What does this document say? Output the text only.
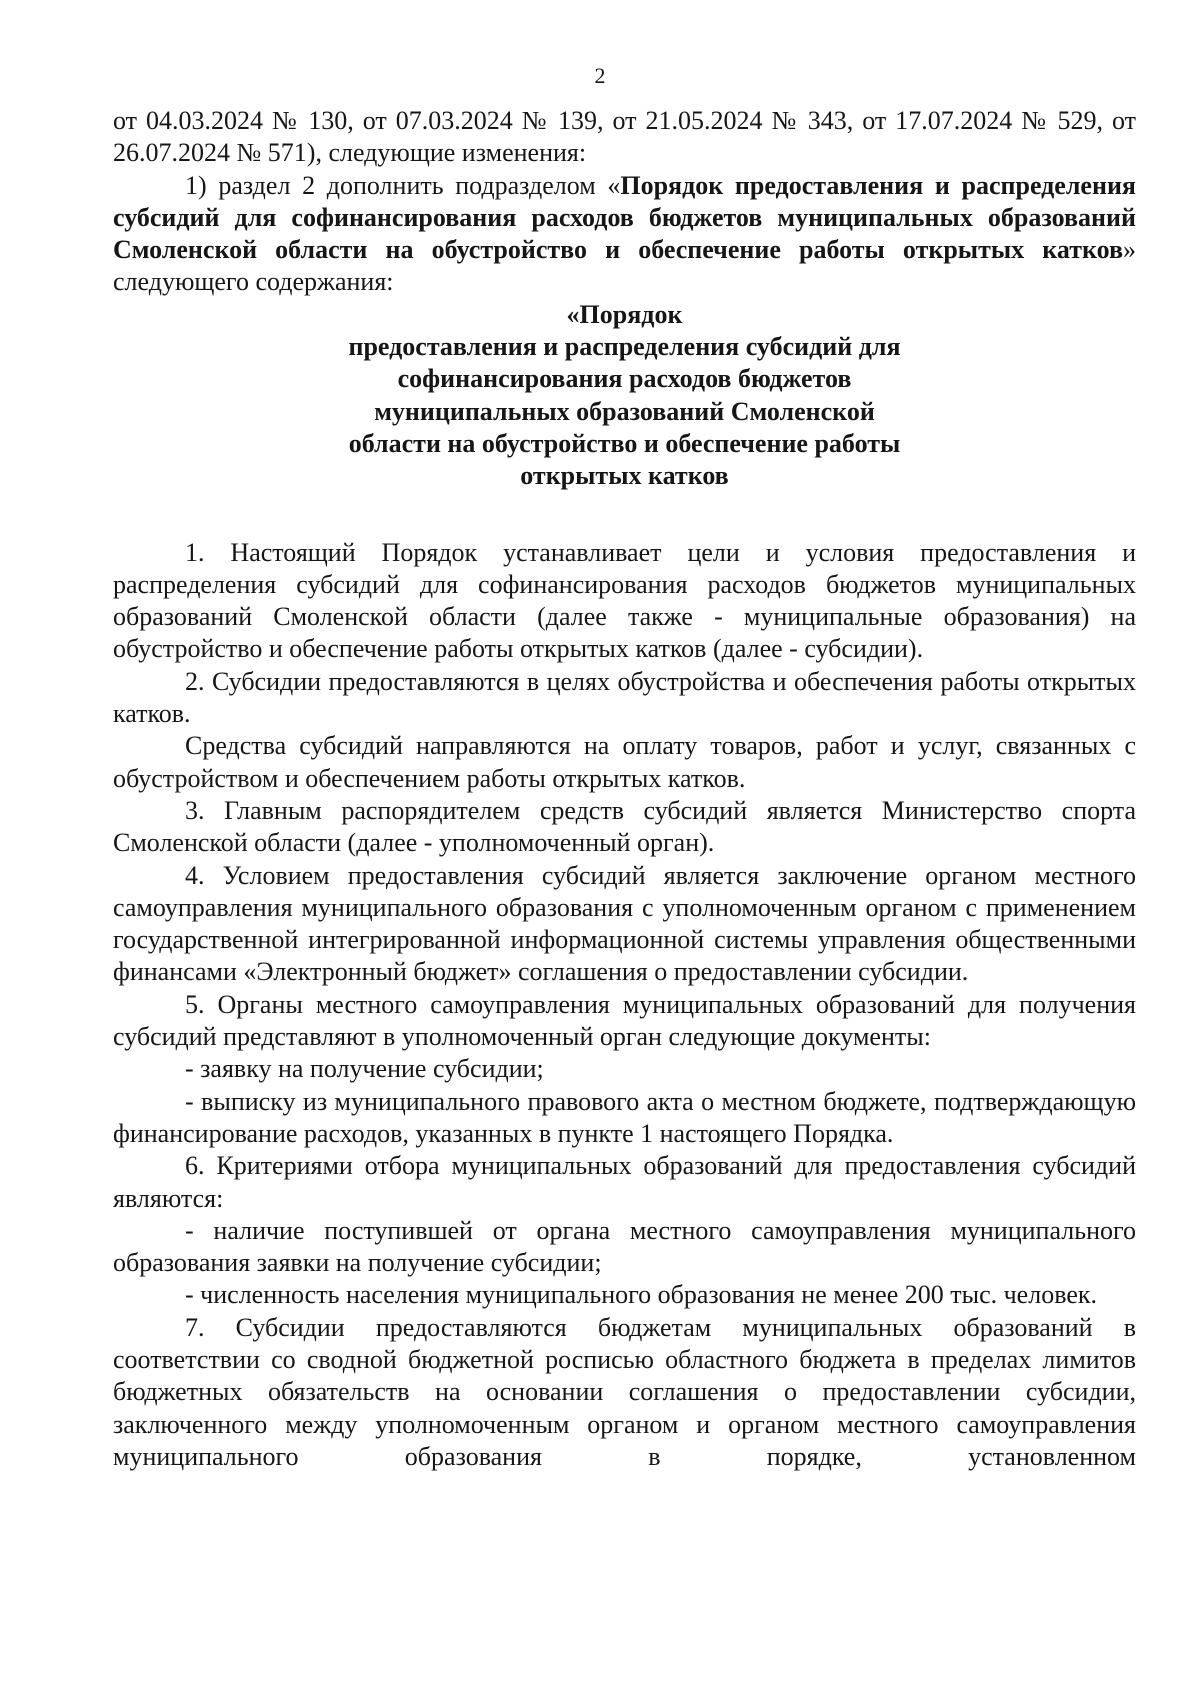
2

от 04.03.2024 № 130, от 07.03.2024 № 139, от 21.05.2024 № 343, от 17.07.2024 № 529, от 26.07.2024 № 571), следующие изменения:

1) раздел 2 дополнить подразделом «Порядок предоставления и распределения субсидий для софинансирования расходов бюджетов муниципальных образований Смоленской области на обустройство и обеспечение работы открытых катков» следующего содержания:

«Порядок

предоставления и распределения субсидий для

софинансирования расходов бюджетов

муниципальных образований Смоленской

области на обустройство и обеспечение работы

открытых катков

1. Настоящий Порядок устанавливает цели и условия предоставления и распределения субсидий для софинансирования расходов бюджетов муниципальных образований Смоленской области (далее также - муниципальные образования) на обустройство и обеспечение работы открытых катков (далее - субсидии).

2. Субсидии предоставляются в целях обустройства и обеспечения работы открытых катков.

Средства субсидий направляются на оплату товаров, работ и услуг, связанных с обустройством и обеспечением работы открытых катков.

3. Главным распорядителем средств субсидий является Министерство спорта Смоленской области (далее - уполномоченный орган).

4. Условием предоставления субсидий является заключение органом местного самоуправления муниципального образования с уполномоченным органом с применением государственной интегрированной информационной системы управления общественными финансами «Электронный бюджет» соглашения о предоставлении субсидии.

5. Органы местного самоуправления муниципальных образований для получения субсидий представляют в уполномоченный орган следующие документы:

- заявку на получение субсидии;

- выписку из муниципального правового акта о местном бюджете, подтверждающую финансирование расходов, указанных в пункте 1 настоящего Порядка.

6. Критериями отбора муниципальных образований для предоставления субсидий являются:

- наличие поступившей от органа местного самоуправления муниципального образования заявки на получение субсидии;

- численность населения муниципального образования не менее 200 тыс. человек.

7. Субсидии предоставляются бюджетам муниципальных образований в соответствии со сводной бюджетной росписью областного бюджета в пределах лимитов бюджетных обязательств на основании соглашения о предоставлении субсидии, заключенного между уполномоченным органом и органом местного самоуправления муниципального образования в порядке, установленном
